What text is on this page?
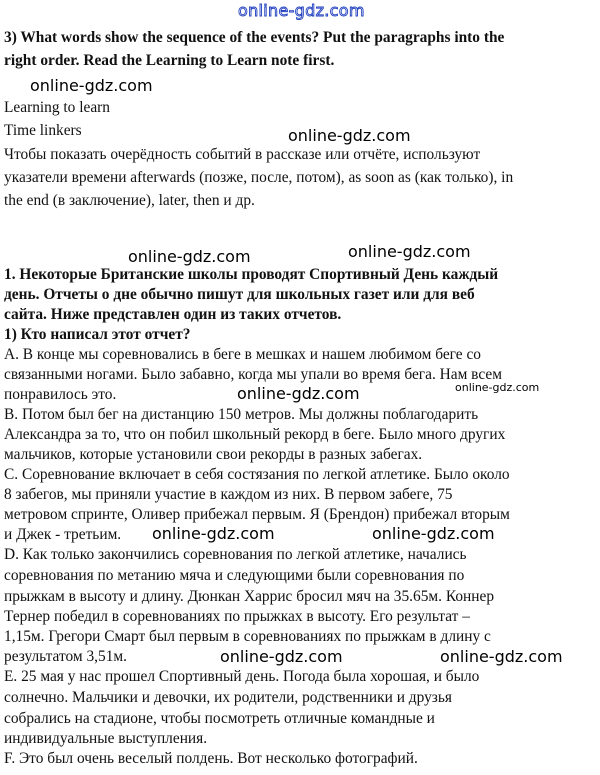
online-gdz.com
3) What words show the sequence of the events? Put the paragraphs into the
right order. Read the Learning to Learn note first.
online-gdz.com
Learning to learn
Time linkers	online-gdz.com
Чтобы показать очерёдность событий в рассказе или отчёте, используют
указатели времени afterwards (позже, после, потом), as soon as (как только), in
the end (в заключение), later, then и др.
online-gdz.com	online-gdz.com
1. Некоторые Британские школы проводят Спортивный День каждый
день. Отчеты о дне обычно пишут для школьных газет или для веб
сайта. Ниже представлен один из таких отчетов.
1) Кто написал этот отчет?
А. В конце мы соревновались в беге в мешках и нашем любимом беге со
связанными ногами. Было забавно, когда мы упали во время бега. Нам всем
понравилось это.	online-gdz.com	online-gdz.com
В. Потом был бег на дистанцию 150 метров. Мы должны поблагодарить
Александра за то, что он побил школьный рекорд в беге. Было много других
мальчиков, которые установили свои рекорды в разных забегах.
С. Соревнование включает в себя состязания по легкой атлетике. Было около
8 забегов, мы приняли участие в каждом из них. В первом забеге, 75
метровом спринте, Оливер прибежал первым. Я (Брендон) прибежал вторым
и Джек - третьим.	online-gdz.com	online-gdz.com
D. Как только закончились соревнования по легкой атлетике, начались
соревнования по метанию мяча и следующими были соревнования по
прыжкам в высоту и длину. Дюнкан Харрис бросил мяч на 35.65м. Коннер
Тернер победил в соревнованиях по прыжках в высоту. Его результат –
1,15м. Грегори Смарт был первым в соревнованиях по прыжкам в длину с
результатом 3,51м.	online-gdz.com	online-gdz.com
Е. 25 мая у нас прошел Спортивный день. Погода была хорошая, и было
солнечно. Мальчики и девочки, их родители, родственники и друзья
собрались на стадионе, чтобы посмотреть отличные командные и
индивидуальные выступления.
F. Это был очень веселый полдень. Вот несколько фотографий.
